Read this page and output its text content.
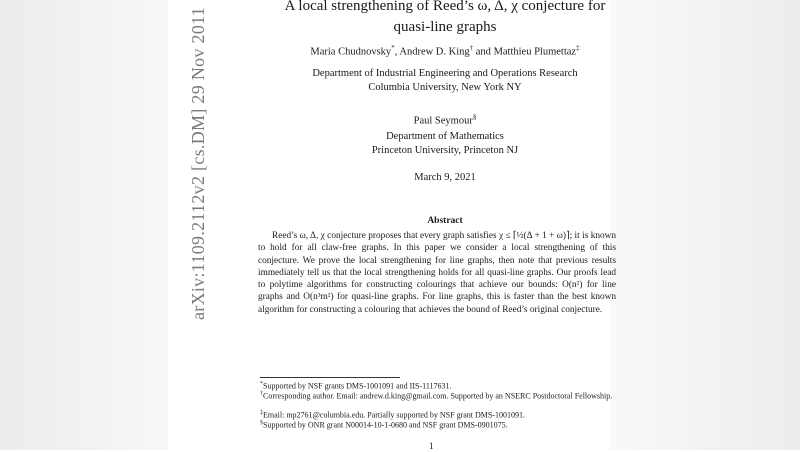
arXiv:1109.2112v2 [cs.DM] 29 Nov 2011
A local strengthening of Reed’s ω, Δ, χ conjecture for
quasi-line graphs
Maria Chudnovsky*, Andrew D. King† and Matthieu Plumettaz‡
Department of Industrial Engineering and Operations Research
Columbia University, New York NY
Paul Seymour§
Department of Mathematics
Princeton University, Princeton NJ
March 9, 2021
Abstract
Reed’s ω, Δ, χ conjecture proposes that every graph satisfies χ ≤ ⌈½(Δ + 1 + ω)⌉; it is known to hold for all claw-free graphs. In this paper we consider a local strengthening of this conjecture. We prove the local strengthening for line graphs, then note that previous results immediately tell us that the local strengthening holds for all quasi-line graphs. Our proofs lead to polytime algorithms for constructing colourings that achieve our bounds: O(n²) for line graphs and O(n³m²) for quasi-line graphs. For line graphs, this is faster than the best known algorithm for constructing a colouring that achieves the bound of Reed’s original conjecture.
*Supported by NSF grants DMS-1001091 and IIS-1117631.
†Corresponding author. Email: andrew.d.king@gmail.com. Supported by an NSERC Postdoctoral Fellowship.
‡Email: mp2761@columbia.edu. Partially supported by NSF grant DMS-1001091.
§Supported by ONR grant N00014-10-1-0680 and NSF grant DMS-0901075.
1
